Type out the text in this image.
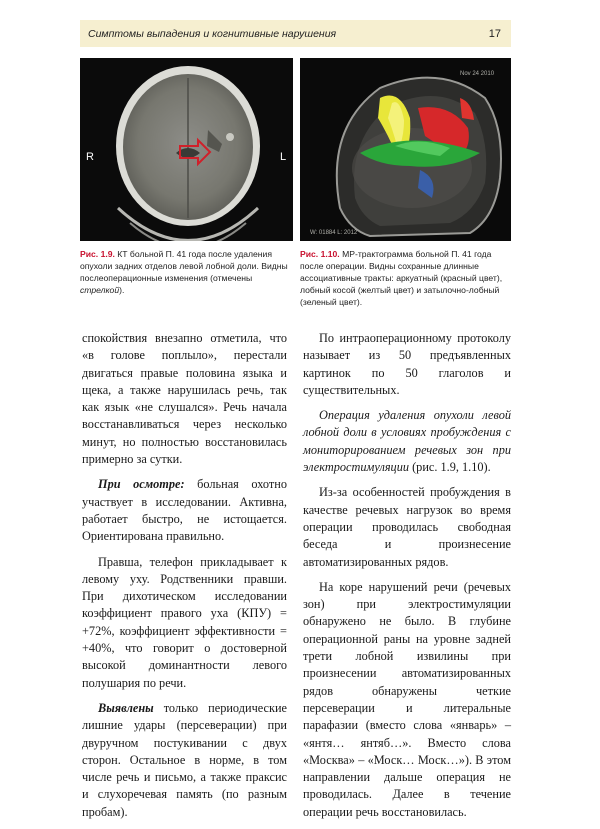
Симптомы выпадения и когнитивные нарушения	17
R	L
Nov 24 2010
W: 01884 L: 2012
Рис. 1.9. КТ больной П. 41 года после удаления опухоли задних отделов левой лобной доли. Видны послеоперационные изменения (отмечены стрелкой).
Рис. 1.10. МР-трактограмма больной П. 41 года после операции. Видны сохранные длинные ассоциативные тракты: аркуатный (красный цвет), лобный косой (желтый цвет) и затылочно-лобный (зеленый цвет).

спокойствия внезапно отметила, что «в голове поплыло», перестали двигаться правые половина языка и щека, а также нарушилась речь, так как язык «не слушался». Речь начала восстанавливаться через несколько минут, но полностью восстановилась примерно за сутки.

При осмотре: больная охотно участвует в исследовании. Активна, работает быстро, не истощается. Ориентирована правильно.

Правша, телефон прикладывает к левому уху. Родственники правши. При дихотическом исследовании коэффициент правого уха (КПУ) = +72%, коэффициент эффективности = +40%, что говорит о достоверной высокой доминантности левого полушария по речи.

Выявлены только периодические лишние удары (персеверации) при двуручном постукивании с двух сторон. Остальное в норме, в том числе речь и письмо, а также праксис и слухоречевая память (по разным пробам).

По интраоперационному протоколу называет из 50 предъявленных картинок по 50 глаголов и существительных.

Операция удаления опухоли левой лобной доли в условиях пробуждения с мониторированием речевых зон при электростимуляции (рис. 1.9, 1.10).

Из-за особенностей пробуждения в качестве речевых нагрузок во время операции проводилась свободная беседа и произнесение автоматизированных рядов.

На коре нарушений речи (речевых зон) при электростимуляции обнаружено не было. В глубине операционной раны на уровне задней трети лобной извилины при произнесении автоматизированных рядов обнаружены четкие персеверации и литеральные парафазии (вместо слова «январь» – «янтя… янтяб…». Вместо слова «Москва» – «Моск… Моск…»). В этом направлении дальше операция не проводилась. Далее в течение операции речь восстановилась.
